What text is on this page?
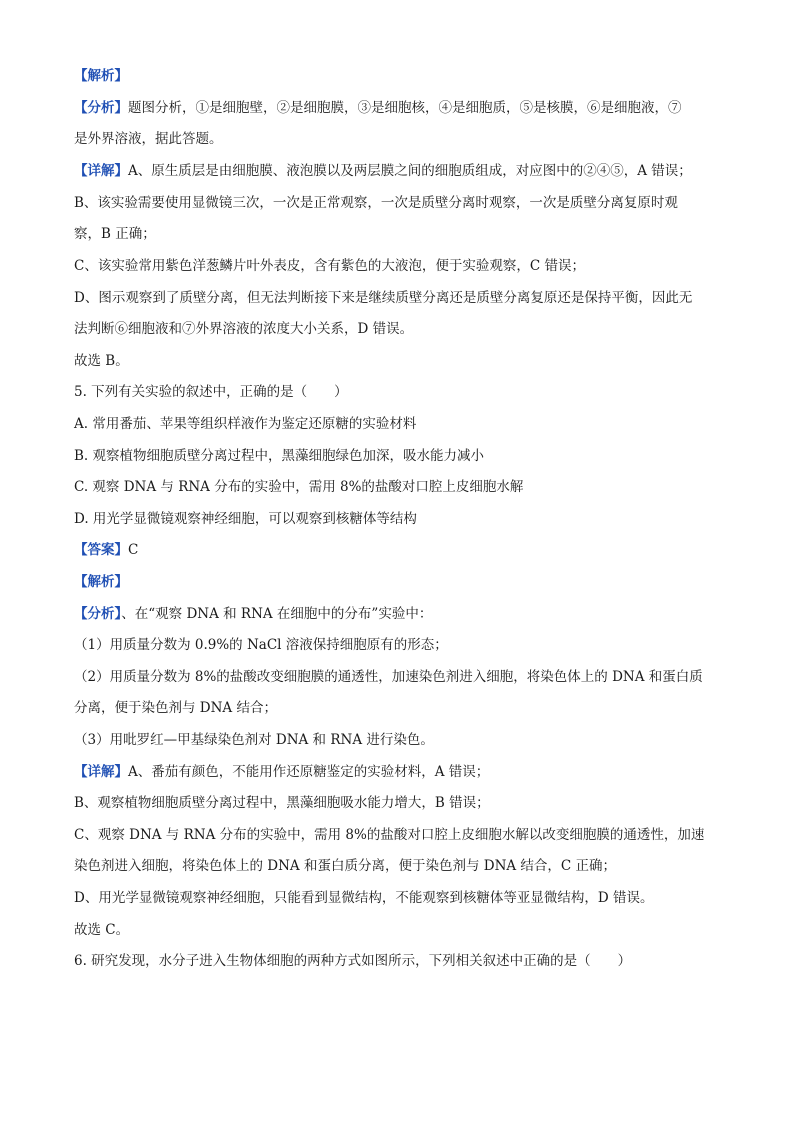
【解析】
【分析】题图分析，①是细胞壁，②是细胞膜，③是细胞核，④是细胞质，⑤是核膜，⑥是细胞液，⑦
是外界溶液，据此答题。
【详解】A、原生质层是由细胞膜、液泡膜以及两层膜之间的细胞质组成，对应图中的②④⑤，A 错误；
B、该实验需要使用显微镜三次，一次是正常观察，一次是质壁分离时观察，一次是质壁分离复原时观
察，B 正确；
C、该实验常用紫色洋葱鳞片叶外表皮，含有紫色的大液泡，便于实验观察，C 错误；
D、图示观察到了质壁分离，但无法判断接下来是继续质壁分离还是质壁分离复原还是保持平衡，因此无
法判断⑥细胞液和⑦外界溶液的浓度大小关系，D 错误。
故选 B。
5. 下列有关实验的叙述中，正确的是（　　）
A. 常用番茄、苹果等组织样液作为鉴定还原糖的实验材料
B. 观察植物细胞质壁分离过程中，黑藻细胞绿色加深，吸水能力减小
C. 观察 DNA 与 RNA 分布的实验中，需用 8%的盐酸对口腔上皮细胞水解
D. 用光学显微镜观察神经细胞，可以观察到核糖体等结构
【答案】C
【解析】
【分析】、在“观察 DNA 和 RNA 在细胞中的分布”实验中：
（1）用质量分数为 0.9%的 NaCl 溶液保持细胞原有的形态；
（2）用质量分数为 8%的盐酸改变细胞膜的通透性，加速染色剂进入细胞，将染色体上的 DNA 和蛋白质
分离，便于染色剂与 DNA 结合；
（3）用吡罗红—甲基绿染色剂对 DNA 和 RNA 进行染色。
【详解】A、番茄有颜色，不能用作还原糖鉴定的实验材料，A 错误；
B、观察植物细胞质壁分离过程中，黑藻细胞吸水能力增大，B 错误；
C、观察 DNA 与 RNA 分布的实验中，需用 8%的盐酸对口腔上皮细胞水解以改变细胞膜的通透性，加速
染色剂进入细胞，将染色体上的 DNA 和蛋白质分离，便于染色剂与 DNA 结合，C 正确；
D、用光学显微镜观察神经细胞，只能看到显微结构，不能观察到核糖体等亚显微结构，D 错误。
故选 C。
6. 研究发现，水分子进入生物体细胞的两种方式如图所示，下列相关叙述中正确的是（　　）
